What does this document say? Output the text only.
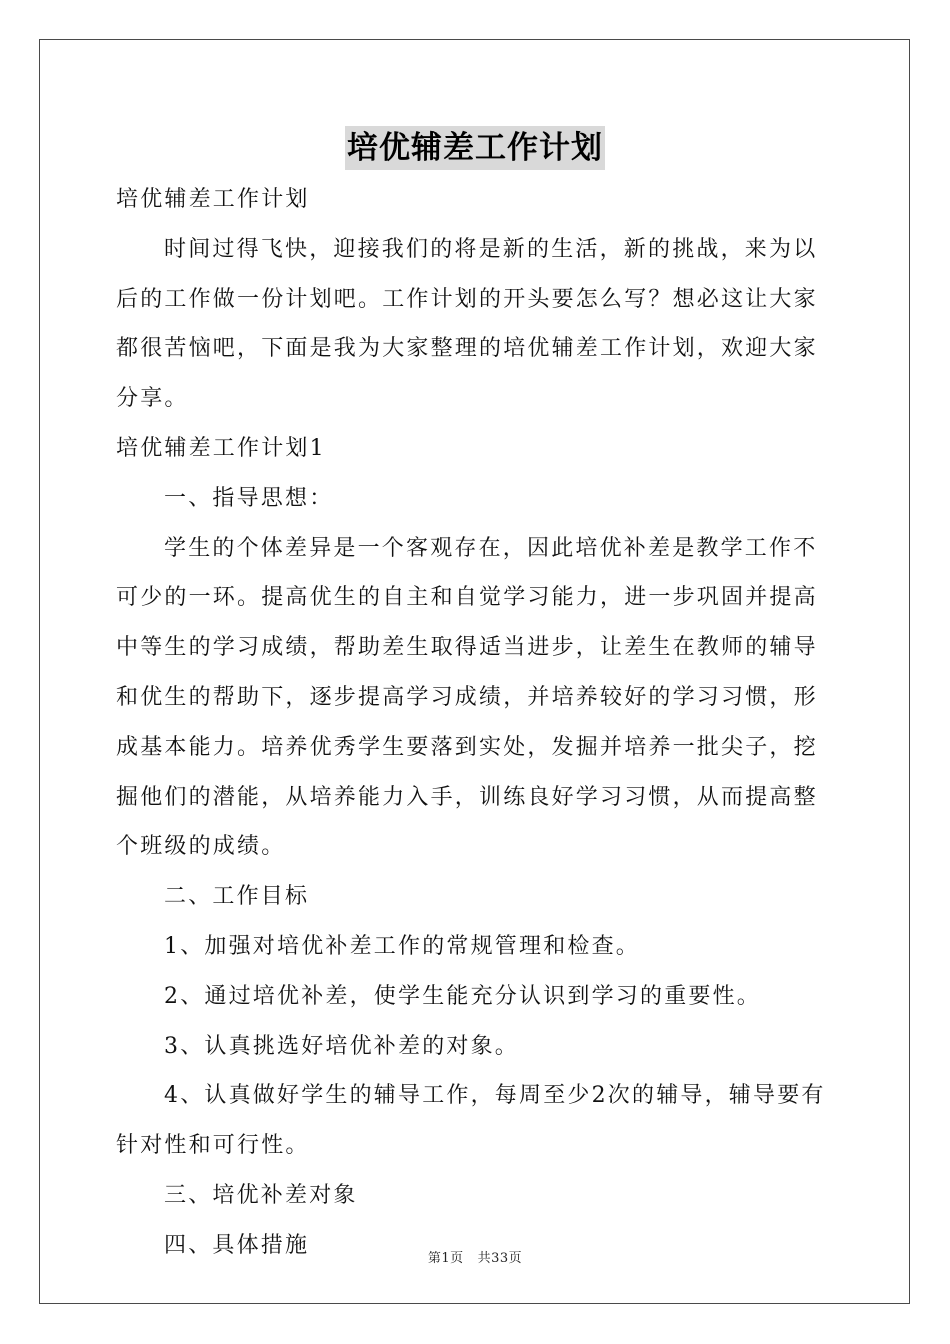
培优辅差工作计划

培优辅差工作计划

时间过得飞快，迎接我们的将是新的生活，新的挑战，来为以后的工作做一份计划吧。工作计划的开头要怎么写？想必这让大家都很苦恼吧，下面是我为大家整理的培优辅差工作计划，欢迎大家分享。

培优辅差工作计划1

一、指导思想：

学生的个体差异是一个客观存在，因此培优补差是教学工作不可少的一环。提高优生的自主和自觉学习能力，进一步巩固并提高中等生的学习成绩，帮助差生取得适当进步，让差生在教师的辅导和优生的帮助下，逐步提高学习成绩，并培养较好的学习习惯，形成基本能力。培养优秀学生要落到实处，发掘并培养一批尖子，挖掘他们的潜能，从培养能力入手，训练良好学习习惯，从而提高整个班级的成绩。

二、工作目标

1、加强对培优补差工作的常规管理和检查。

2、通过培优补差，使学生能充分认识到学习的重要性。

3、认真挑选好培优补差的对象。

4、认真做好学生的辅导工作，每周至少2次的辅导，辅导要有针对性和可行性。

三、培优补差对象

四、具体措施

第1页 共33页
